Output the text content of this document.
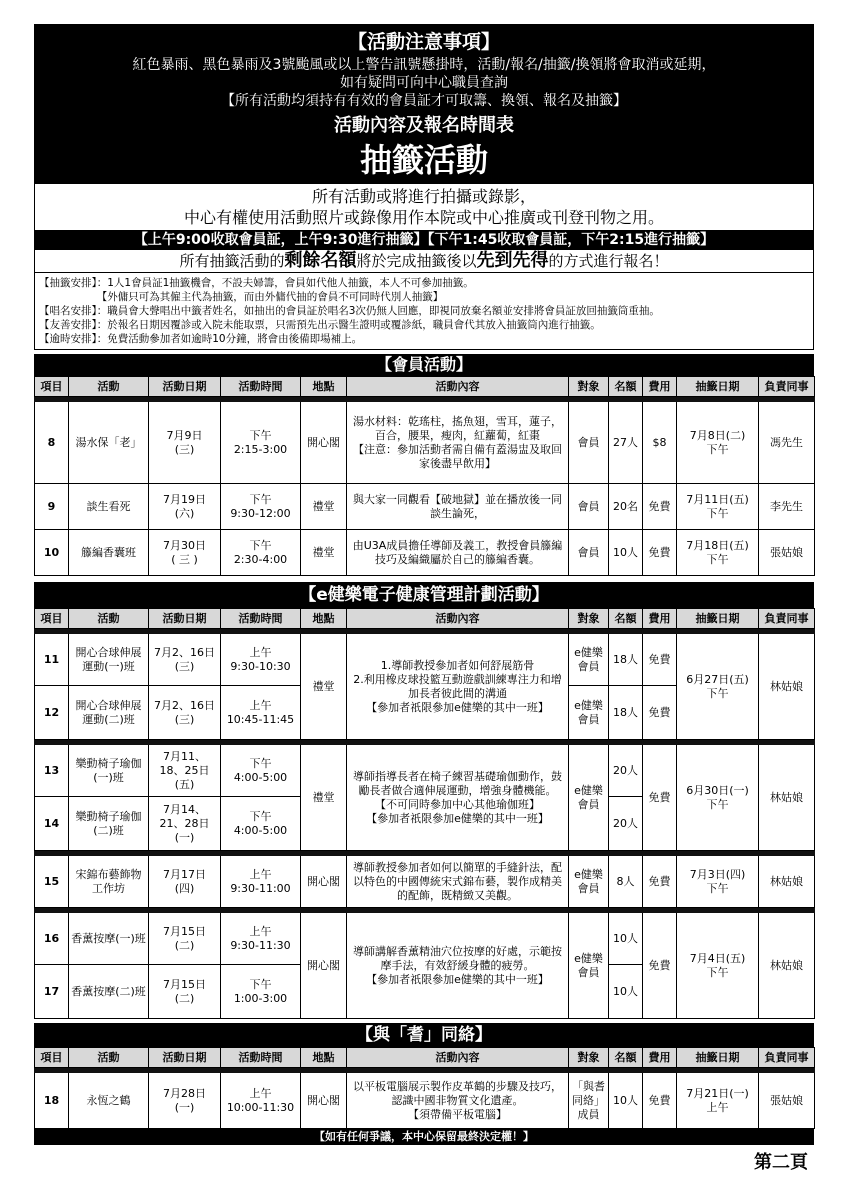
【活動注意事項】
紅色暴雨、黑色暴雨及3號颱風或以上警告訊號懸掛時，活動/報名/抽籤/換領將會取消或延期，
如有疑問可向中心職員查詢
【所有活動均須持有有效的會員証才可取籌、換領、報名及抽籤】
活動內容及報名時間表
抽籤活動
所有活動或將進行拍攝或錄影，
中心有權使用活動照片或錄像用作本院或中心推廣或刊登刊物之用。
【上午9:00收取會員証，上午9:30進行抽籤】【下午1:45收取會員証，下午2:15進行抽籤】
所有抽籤活動的剩餘名額將於完成抽籤後以先到先得的方式進行報名！
【抽籤安排】：1人1會員証1抽籤機會，不設夫婦籌，會員如代他人抽籤，本人不可參加抽籤。
　　　　　　【外傭只可為其僱主代為抽籤，而由外傭代抽的會員不可同時代別人抽籤】
【唱名安排】：職員會大聲唱出中籤者姓名，如抽出的會員証於唱名3次仍無人回應，即視同放棄名額並安排將會員証放回抽籤筒重抽。
【友善安排】：於報名日期因覆診或入院未能取票，只需預先出示醫生證明或覆診紙，職員會代其放入抽籤筒內進行抽籤。
【逾時安排】：免費活動參加者如逾時10分鐘，將會由後備即場補上。
【會員活動】
項目	活動	活動日期	活動時間	地點	活動內容	對象	名額	費用	抽籤日期	負責同事

8	湯水保「老」	7月9日
(三)	下午
2:15-3:00	開心閣	湯水材料：乾瑤柱，搖魚翅，雪耳，蓮子，百合，腰果，瘦肉，紅蘿蔔，紅棗
【注意：參加活動者需自備有蓋湯盅及取回家後盡早飲用】	會員	27人	$8	7月8日(二)
下午	馮先生
9	談生看死	7月19日
(六)	下午
9:30-12:00	禮堂	與大家一同觀看【破地獄】並在播放後一同談生論死，	會員	20名	免費	7月11日(五)
下午	李先生
10	籐編香囊班	7月30日
( 三 )	下午
2:30-4:00	禮堂	由U3A成員擔任導師及義工，教授會員籐編技巧及編織屬於自己的籐編香囊。	會員	10人	免費	7月18日(五)
下午	張姑娘
【e健樂電子健康管理計劃活動】
項目	活動	活動日期	活動時間	地點	活動內容	對象	名額	費用	抽籤日期	負責同事

11	開心合球伸展運動(一)班	7月2、16日
(三)	上午
9:30-10:30	禮堂	1.導師教授參加者如何舒展筋骨
2.利用橡皮球投籃互動遊戲訓練專注力和增加長者彼此間的溝通
【參加者祇限參加e健樂的其中一班】	e健樂會員	18人	免費	6月27日(五)
下午	林姑娘
12	開心合球伸展運動(二)班	7月2、16日
(三)	上午
10:45-11:45			e健樂會員	18人	免費		

13	樂動椅子瑜伽(一)班	7月11、
18、25日
(五)	下午
4:00-5:00	禮堂	導師指導長者在椅子練習基礎瑜伽動作，鼓勵長者做合適伸展運動，增強身體機能。
【不可同時參加中心其他瑜伽班】
【參加者祇限參加e健樂的其中一班】	e健樂會員	20人	免費	6月30日(一)
下午	林姑娘
14	樂動椅子瑜伽(二)班	7月14、
21、28日
(一)	下午
4:00-5:00				20人			

15	宋錦布藝飾物工作坊	7月17日
(四)	上午
9:30-11:00	開心閣	導師教授參加者如何以簡單的手縫針法，配以特色的中國傳統宋式錦布藝，製作成精美的配飾，既精緻又美觀。	e健樂會員	8人	免費	7月3日(四)
下午	林姑娘

16	香薰按摩(一)班	7月15日
(二)	上午
9:30-11:30	開心閣	導師講解香薰精油穴位按摩的好處，示範按摩手法，有效舒緩身體的疲勞。
【參加者祇限參加e健樂的其中一班】	e健樂會員	10人	免費	7月4日(五)
下午	林姑娘
17	香薰按摩(二)班	7月15日
(二)	下午
1:00-3:00				10人			
【與「耆」同絡】
項目	活動	活動日期	活動時間	地點	活動內容	對象	名額	費用	抽籤日期	負責同事

18	永恆之鶴	7月28日
(一)	上午
10:00-11:30	開心閣	以平板電腦展示製作皮革鶴的步驟及技巧，認識中國非物質文化遺產。
【須帶備平板電腦】	「與耆同絡」成員	10人	免費	7月21日(一)
上午	張姑娘
【如有任何爭議，本中心保留最終決定權！】
第二頁
